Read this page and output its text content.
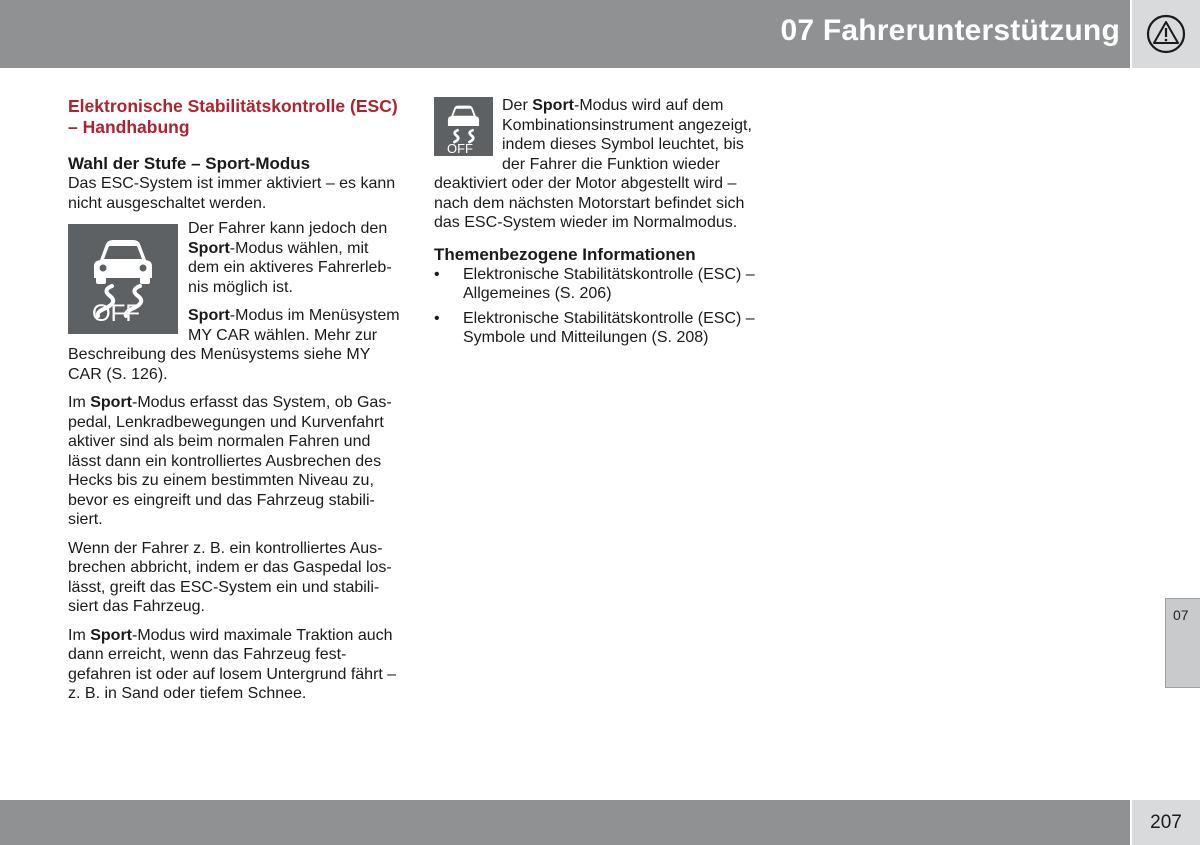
07 Fahrerunterstützung
Elektronische Stabilitätskontrolle (ESC) – Handhabung
Wahl der Stufe – Sport-Modus

Das ESC-System ist immer aktiviert – es kann nicht ausgeschaltet werden.

OFF

Der Fahrer kann jedoch den Sport-Modus wählen, mit dem ein aktiveres Fahrerlebnis möglich ist.

Sport-Modus im Menüsystem MY CAR wählen. Mehr zur Beschreibung des Menüsystems siehe MY CAR (S. 126).

Im Sport-Modus erfasst das System, ob Gaspedal, Lenkradbewegungen und Kurvenfahrt aktiver sind als beim normalen Fahren und lässt dann ein kontrolliertes Ausbrechen des Hecks bis zu einem bestimmten Niveau zu, bevor es eingreift und das Fahrzeug stabilisiert.

Wenn der Fahrer z. B. ein kontrolliertes Ausbrechen abbricht, indem er das Gaspedal loslässt, greift das ESC-System ein und stabilisiert das Fahrzeug.

Im Sport-Modus wird maximale Traktion auch dann erreicht, wenn das Fahrzeug festgefahren ist oder auf losem Untergrund fährt – z. B. in Sand oder tiefem Schnee.

OFF

Der Sport-Modus wird auf dem Kombinationsinstrument angezeigt, indem dieses Symbol leuchtet, bis der Fahrer die Funktion wieder deaktiviert oder der Motor abgestellt wird – nach dem nächsten Motorstart befindet sich das ESC-System wieder im Normalmodus.

Themenbezogene Informationen
• Elektronische Stabilitätskontrolle (ESC) – Allgemeines (S. 206)
• Elektronische Stabilitätskontrolle (ESC) – Symbole und Mitteilungen (S. 208)
07
207
